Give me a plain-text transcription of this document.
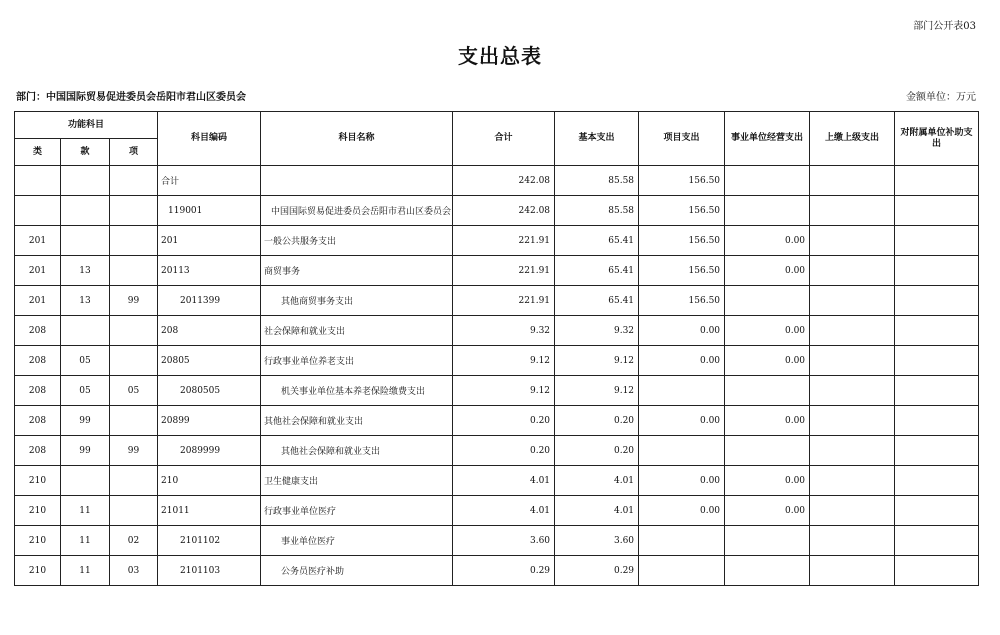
部门公开表03
支出总表
部门：中国国际贸易促进委员会岳阳市君山区委员会	金额单位：万元
功能科目			科目编码	科目名称	合计	基本支出	项目支出	事业单位经营支出	上缴上级支出	对附属单位补助支出
类	款	项								
			合计		242.08	85.58	156.50			
			119001	中国国际贸易促进委员会岳阳市君山区委员会	242.08	85.58	156.50			
201			201	一般公共服务支出	221.91	65.41	156.50	0.00		
201	13		20113	商贸事务	221.91	65.41	156.50	0.00		
201	13	99	2011399	其他商贸事务支出	221.91	65.41	156.50			
208			208	社会保障和就业支出	9.32	9.32	0.00	0.00		
208	05		20805	行政事业单位养老支出	9.12	9.12	0.00	0.00		
208	05	05	2080505	机关事业单位基本养老保险缴费支出	9.12	9.12				
208	99		20899	其他社会保障和就业支出	0.20	0.20	0.00	0.00		
208	99	99	2089999	其他社会保障和就业支出	0.20	0.20				
210			210	卫生健康支出	4.01	4.01	0.00	0.00		
210	11		21011	行政事业单位医疗	4.01	4.01	0.00	0.00		
210	11	02	2101102	事业单位医疗	3.60	3.60				
210	11	03	2101103	公务员医疗补助	0.29	0.29				
